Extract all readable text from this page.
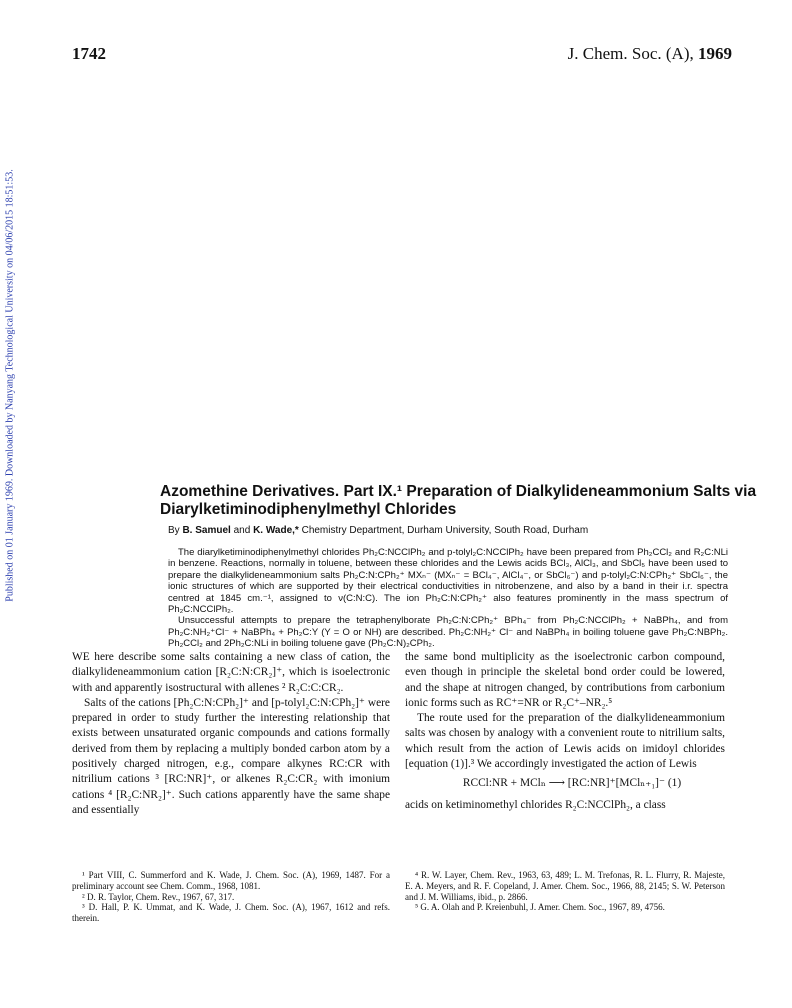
1742	J. Chem. Soc. (A), 1969
Published on 01 January 1969. Downloaded by Nanyang Technological University on 04/06/2015 18:51:53.	Azomethine Derivatives. Part IX.¹ Preparation of Dialkylideneammonium Salts via Diarylketiminodiphenylmethyl Chlorides
By B. Samuel and K. Wade,* Chemistry Department, Durham University, South Road, Durham

The diarylketiminodiphenylmethyl chlorides Ph₂C:NCClPh₂ and p-tolyl₂C:NCClPh₂ have been prepared from Ph₂CCl₂ and R₂C:NLi in benzene. Reactions, normally in toluene, between these chlorides and the Lewis acids BCl₃, AlCl₃, and SbCl₅ have been used to prepare the dialkylideneammonium salts Ph₂C:N:CPh₂⁺ MXₙ⁻ (MXₙ⁻ = BCl₄⁻, AlCl₄⁻, or SbCl₆⁻) and p-tolyl₂C:N:CPh₂⁺ SbCl₆⁻, the ionic structures of which are supported by their electrical conductivities in nitrobenzene, and also by a band in their i.r. spectra centred at 1845 cm.⁻¹, assigned to ν(C:N:C). The ion Ph₂C:N:CPh₂⁺ also features prominently in the mass spectrum of Ph₂C:NCClPh₂.

Unsuccessful attempts to prepare the tetraphenylborate Ph₂C:N:CPh₂⁺ BPh₄⁻ from Ph₂C:NCClPh₂ + NaBPh₄, and from Ph₂C:NH₂⁺Cl⁻ + NaBPh₄ + Ph₂C:Y (Y = O or NH) are described. Ph₂C:NH₂⁺ Cl⁻ and NaBPh₄ in boiling toluene gave Ph₂C:NBPh₂. Ph₂CCl₂ and 2Ph₂C:NLi in boiling toluene gave (Ph₂C:N)₂CPh₂.

WE here describe some salts containing a new class of cation, the dialkylideneammonium cation [R₂C:N:CR₂]⁺, which is isoelectronic with and apparently isostructural with allenes ² R₂C:C:CR₂.

Salts of the cations [Ph₂C:N:CPh₂]⁺ and [p-tolyl₂C:N:CPh₂]⁺ were prepared in order to study further the interesting relationship that exists between unsaturated organic compounds and cations formally derived from them by replacing a multiply bonded carbon atom by a positively charged nitrogen, e.g., compare alkynes RC:CR with nitrilium cations ³ [RC:NR]⁺, or alkenes R₂C:CR₂ with imonium cations ⁴ [R₂C:NR₂]⁺. Such cations apparently have the same shape and essentially

the same bond multiplicity as the isoelectronic carbon compound, even though in principle the skeletal bond order could be lowered, and the shape at nitrogen changed, by contributions from carbonium ionic forms such as RC⁺=NR or R₂C⁺–NR₂.⁵

The route used for the preparation of the dialkylideneammonium salts was chosen by analogy with a convenient route to nitrilium salts, which result from the action of Lewis acids on imidoyl chlorides [equation (1)].³ We accordingly investigated the action of Lewis

RCCl:NR + MClₙ ⟶ [RC:NR]⁺[MClₙ₊₁]⁻ (1)

acids on ketiminomethyl chlorides R₂C:NCClPh₂, a class

¹ Part VIII, C. Summerford and K. Wade, J. Chem. Soc. (A), 1969, 1487. For a preliminary account see Chem. Comm., 1968, 1081.

² D. R. Taylor, Chem. Rev., 1967, 67, 317.

³ D. Hall, P. K. Ummat, and K. Wade, J. Chem. Soc. (A), 1967, 1612 and refs. therein.

⁴ R. W. Layer, Chem. Rev., 1963, 63, 489; L. M. Trefonas, R. L. Flurry, R. Majeste, E. A. Meyers, and R. F. Copeland, J. Amer. Chem. Soc., 1966, 88, 2145; S. W. Peterson and J. M. Williams, ibid., p. 2866.

⁵ G. A. Olah and P. Kreienbuhl, J. Amer. Chem. Soc., 1967, 89, 4756.
